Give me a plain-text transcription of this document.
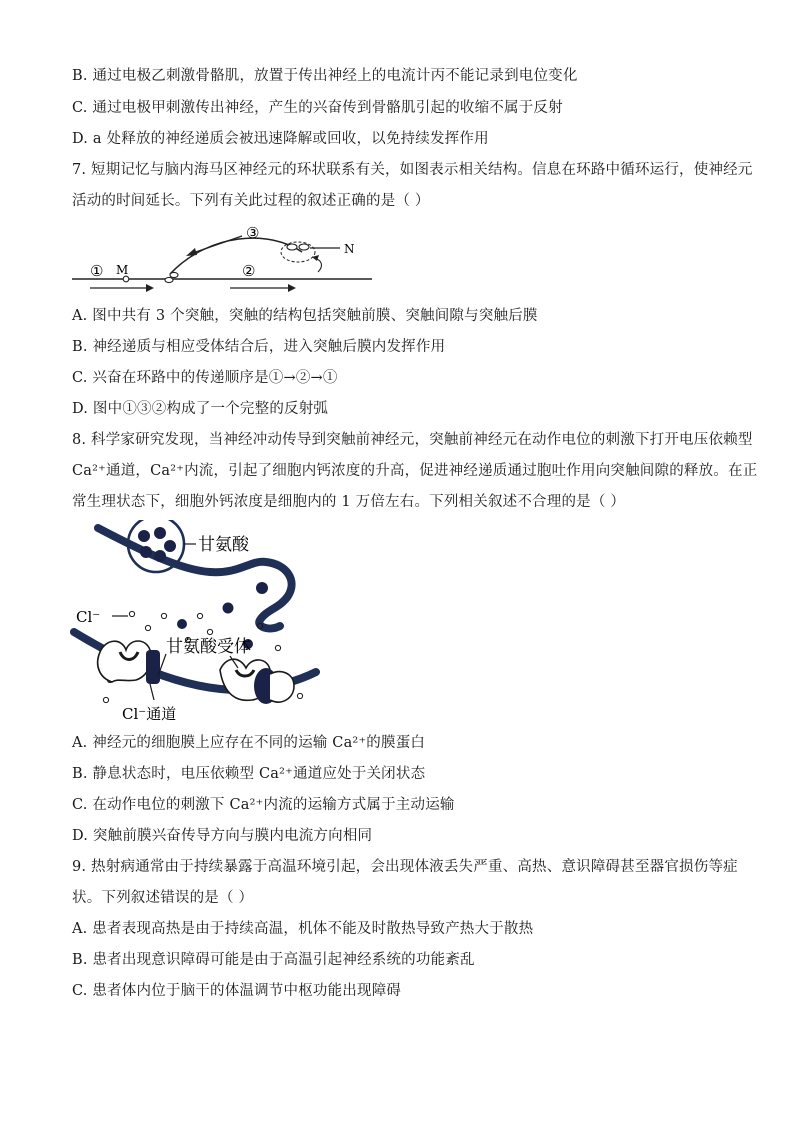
B. 通过电极乙刺激骨骼肌，放置于传出神经上的电流计丙不能记录到电位变化
C. 通过电极甲刺激传出神经，产生的兴奋传到骨骼肌引起的收缩不属于反射
D. a 处释放的神经递质会被迅速降解或回收，以免持续发挥作用
7. 短期记忆与脑内海马区神经元的环状联系有关，如图表示相关结构。信息在环路中循环运行，使神经元
活动的时间延长。下列有关此过程的叙述正确的是（ ）
① M	②
③
N
A. 图中共有 3 个突触，突触的结构包括突触前膜、突触间隙与突触后膜
B. 神经递质与相应受体结合后，进入突触后膜内发挥作用
C. 兴奋在环路中的传递顺序是①→②→①
D. 图中①③②构成了一个完整的反射弧
8. 科学家研究发现，当神经冲动传导到突触前神经元，突触前神经元在动作电位的刺激下打开电压依赖型
Ca²⁺通道，Ca²⁺内流，引起了细胞内钙浓度的升高，促进神经递质通过胞吐作用向突触间隙的释放。在正
常生理状态下，细胞外钙浓度是细胞内的 1 万倍左右。下列相关叙述不合理的是（ ）
甘氨酸
Cl⁻
甘氨酸受体
Cl⁻通道
A. 神经元的细胞膜上应存在不同的运输 Ca²⁺的膜蛋白
B. 静息状态时，电压依赖型 Ca²⁺通道应处于关闭状态
C. 在动作电位的刺激下 Ca²⁺内流的运输方式属于主动运输
D. 突触前膜兴奋传导方向与膜内电流方向相同
9. 热射病通常由于持续暴露于高温环境引起，会出现体液丢失严重、高热、意识障碍甚至器官损伤等症
状。下列叙述错误的是（ ）
A. 患者表现高热是由于持续高温，机体不能及时散热导致产热大于散热
B. 患者出现意识障碍可能是由于高温引起神经系统的功能紊乱
C. 患者体内位于脑干的体温调节中枢功能出现障碍
